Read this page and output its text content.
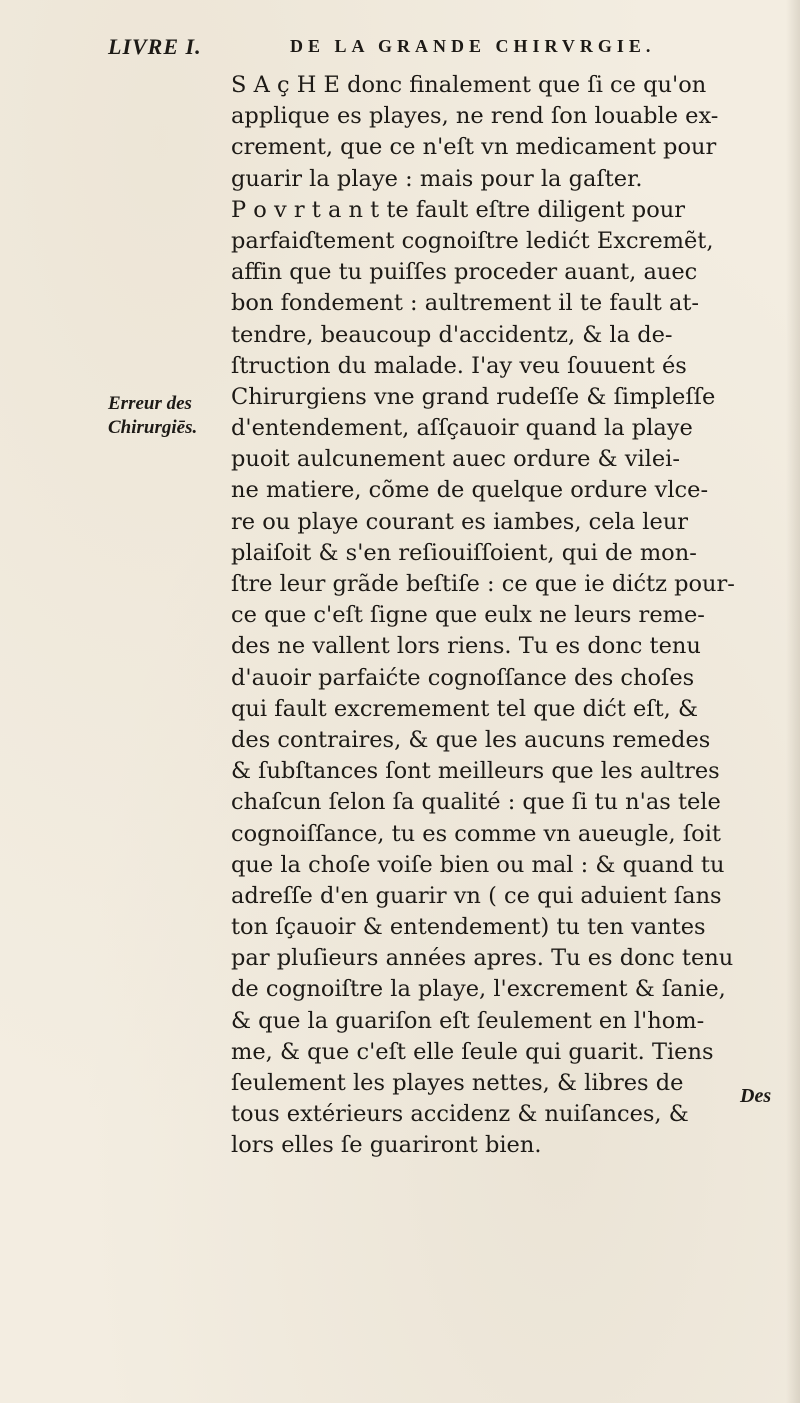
LIVRE I.	DE LA GRANDE CHIRVRGIE.
Erreur des
Chirurgiēs.
S A ç H E donc finalement que ſi ce qu'on
applique es playes, ne rend ſon louable ex-
crement, que ce n'eſt vn medicament pour
guarir la playe : mais pour la gaſter.
P o v r t a n t te fault eſtre diligent pour
parfaiɗtement cognoiſtre ledićt Excremẽt,
affin que tu puiſſes proceder auant, auec
bon fondement : aultrement il te fault at-
tendre, beaucoup d'accidentz, & la de-
ſtruction du malade. I'ay veu ſouuent és
Chirurgiens vne grand rudeſſe & ſimpleſſe
d'entendement, aſſçauoir quand la playe
puoit aulcunement auec ordure & vilei-
ne matiere, cõme de quelque ordure vlce-
re ou playe courant es iambes, cela leur
plaiſoit & s'en reſiouiſſoient, qui de mon-
ſtre leur grãde beſtiſe : ce que ie dićtz pour-
ce que c'eſt ſigne que eulx ne leurs reme-
des ne vallent lors riens. Tu es donc tenu
d'auoir parfaićte cognoſſance des choſes
qui fault excremement tel que dićt eſt, &
des contraires, & que les aucuns remedes
& ſubſtances ſont meilleurs que les aultres
chaſcun ſelon ſa qualité : que ſi tu n'as tele
cognoiſſance, tu es comme vn aueugle, ſoit
que la choſe voiſe bien ou mal : & quand tu
adreſſe d'en guarir vn ( ce qui aduient ſans
ton ſçauoir & entendement) tu ten vantes
par pluſieurs années apres. Tu es donc tenu
de cognoiſtre la playe, l'excrement & ſanie,
& que la guariſon eſt ſeulement en l'hom-
me, & que c'eſt elle ſeule qui guarit. Tiens
ſeulement les playes nettes, & libres de
tous extérieurs accidenz & nuiſances, &
lors elles ſe guariront bien.
Des
